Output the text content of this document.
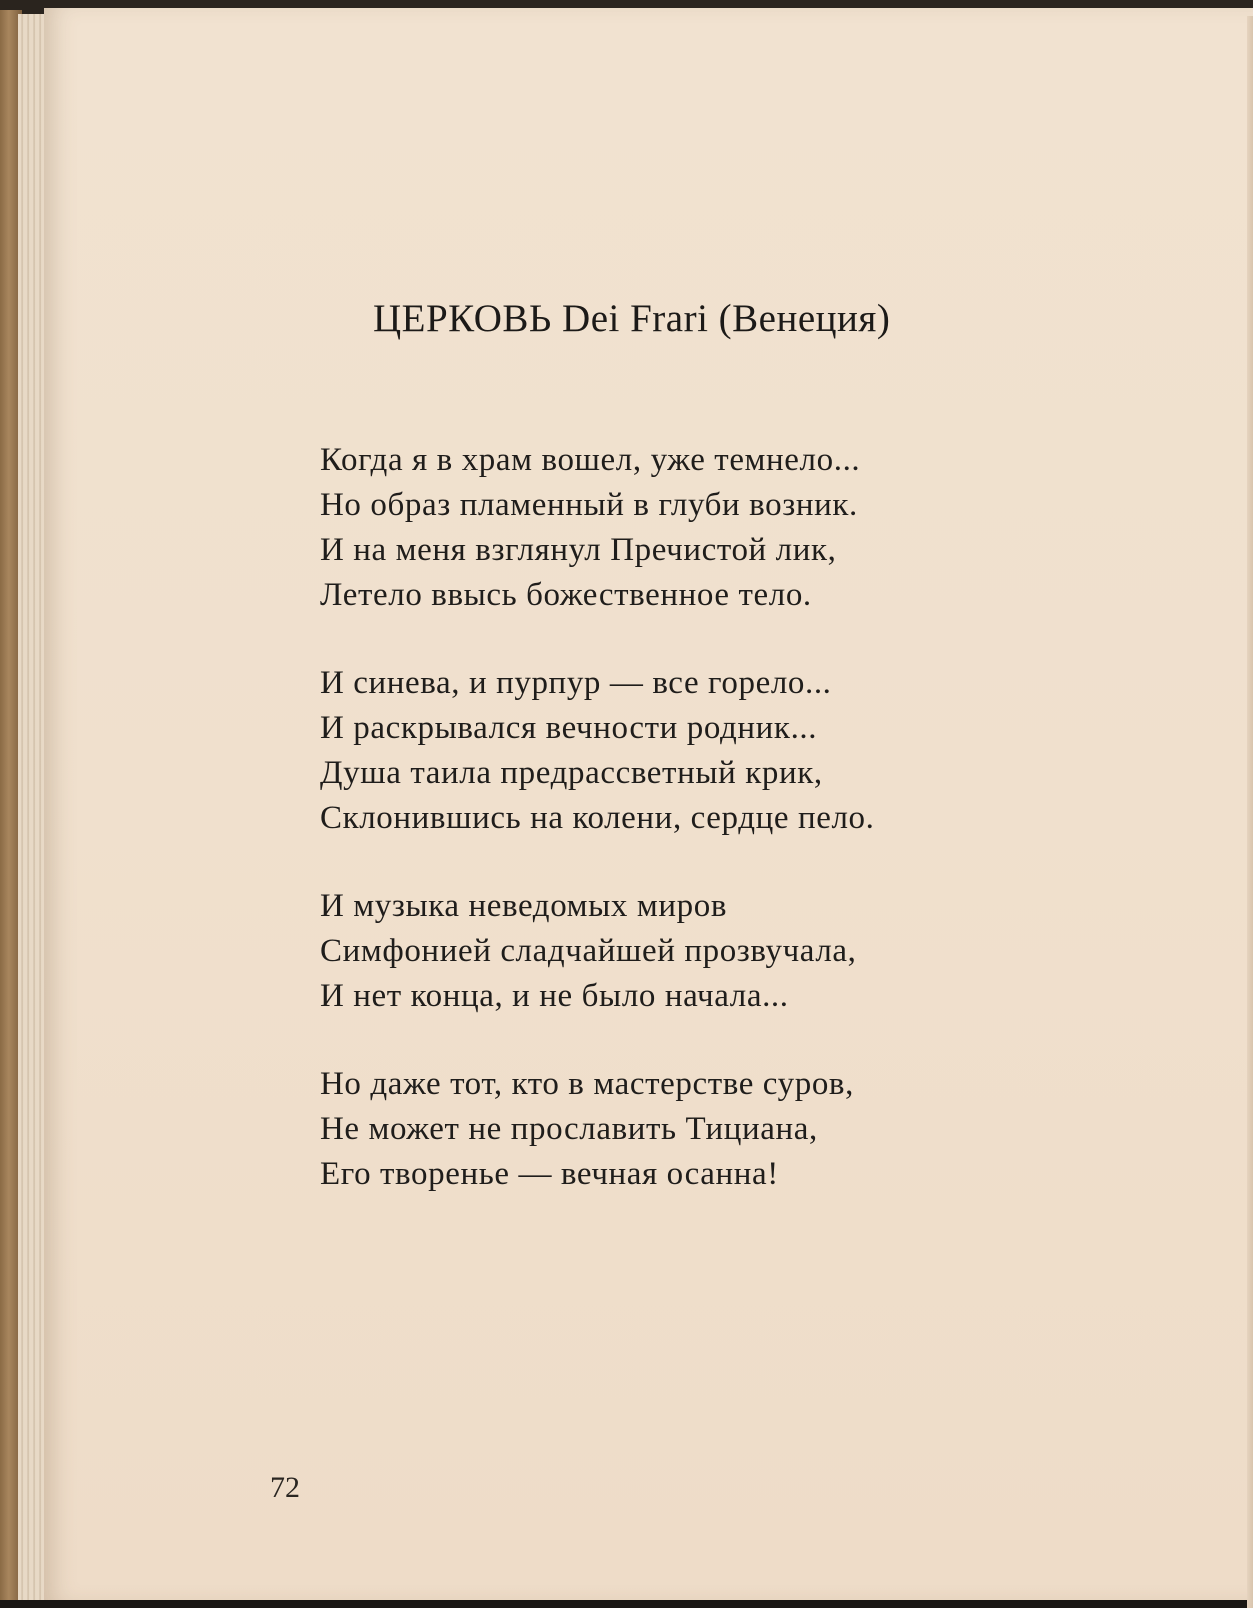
ЦЕРКОВЬ Dei Frari (Венеция)
Когда я в храм вошел, уже темнело...
Но образ пламенный в глуби возник.
И на меня взглянул Пречистой лик,
Летело ввысь божественное тело.
И синева, и пурпур — все горело...
И раскрывался вечности родник...
Душа таила предрассветный крик,
Склонившись на колени, сердце пело.
И музыка неведомых миров
Симфонией сладчайшей прозвучала,
И нет конца, и не было начала...
Но даже тот, кто в мастерстве суров,
Не может не прославить Тициана,
Его творенье — вечная осанна!
72
